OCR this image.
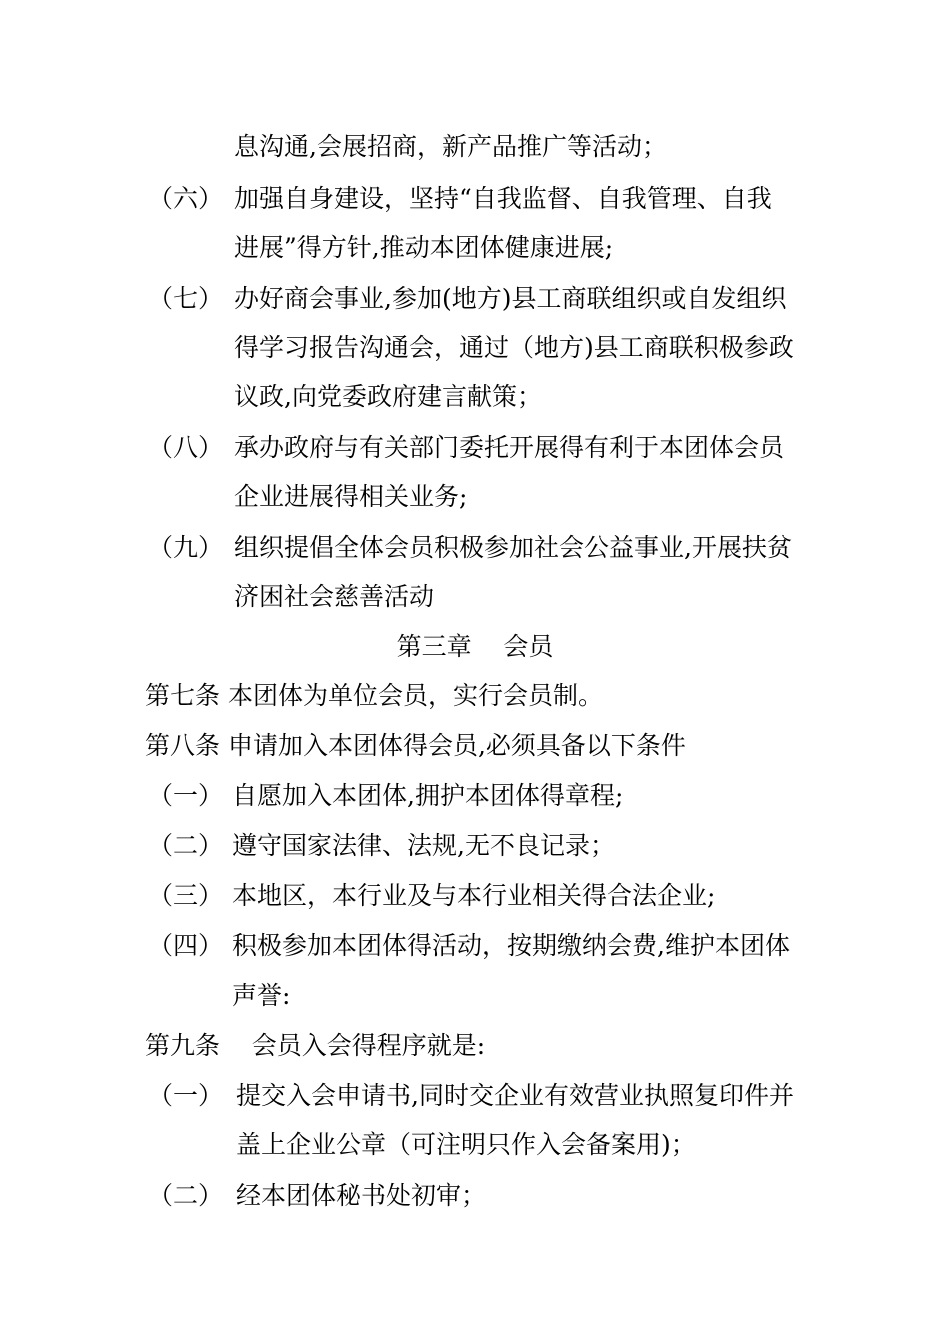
息沟通,会展招商，新产品推广等活动；
（六） 加强自身建设，坚持“自我监督、自我管理、自我
进展”得方针,推动本团体健康进展;
（七） 办好商会事业,参加(地方)县工商联组织或自发组织
得学习报告沟通会，通过（地方)县工商联积极参政
议政,向党委政府建言献策；
（八） 承办政府与有关部门委托开展得有利于本团体会员
企业进展得相关业务;
（九） 组织提倡全体会员积极参加社会公益事业,开展扶贫
济困社会慈善活动
第三章    会员
第七条 本团体为单位会员，实行会员制。
第八条 申请加入本团体得会员,必须具备以下条件
（一） 自愿加入本团体,拥护本团体得章程;
（二） 遵守国家法律、法规,无不良记录；
（三） 本地区，本行业及与本行业相关得合法企业;
（四） 积极参加本团体得活动，按期缴纳会费,维护本团体
声誉:
第九条    会员入会得程序就是:
（一） 提交入会申请书,同时交企业有效营业执照复印件并
盖上企业公章（可注明只作入会备案用)；
（二） 经本团体秘书处初审；
